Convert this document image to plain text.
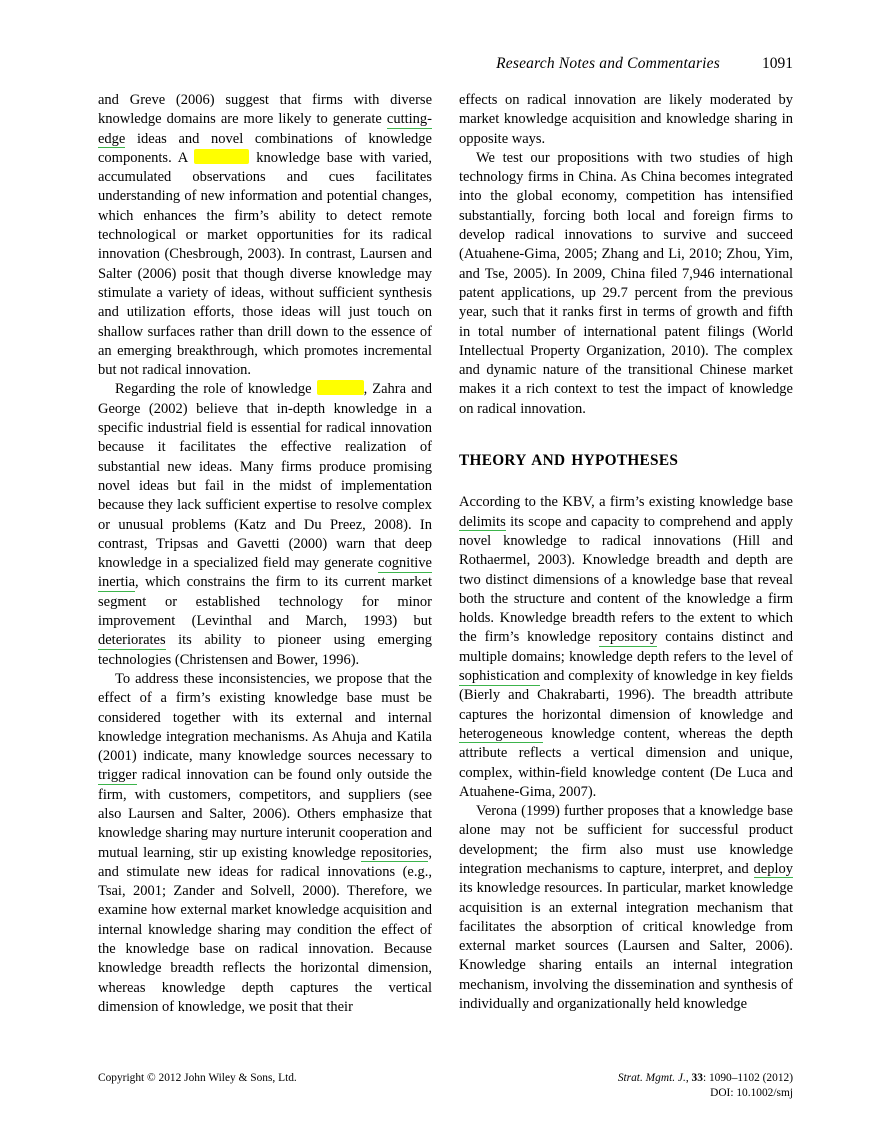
Research Notes and Commentaries	1091

and Greve (2006) suggest that firms with diverse knowledge domains are more likely to generate cutting-edge ideas and novel combinations of knowledge components. A	knowledge base with varied, accumulated observations and cues facilitates understanding of new information and potential changes, which enhances the firm’s ability to detect remote technological or market opportunities for its radical innovation (Chesbrough, 2003). In contrast, Laursen and Salter (2006) posit that though diverse knowledge may stimulate a variety of ideas, without sufficient synthesis and utilization efforts, those ideas will just touch on shallow surfaces rather than drill down to the essence of an emerging breakthrough, which promotes incremental but not radical innovation.

Regarding the role of knowledge	, Zahra and George (2002) believe that in-depth knowledge in a specific industrial field is essential for radical innovation because it facilitates the effective realization of substantial new ideas. Many firms produce promising novel ideas but fail in the midst of implementation because they lack sufficient expertise to resolve complex or unusual problems (Katz and Du Preez, 2008). In contrast, Tripsas and Gavetti (2000) warn that deep knowledge in a specialized field may generate cognitive inertia, which constrains the firm to its current market segment or established technology for minor improvement (Levinthal and March, 1993) but deteriorates its ability to pioneer using emerging technologies (Christensen and Bower, 1996).

To address these inconsistencies, we propose that the effect of a firm’s existing knowledge base must be considered together with its external and internal knowledge integration mechanisms. As Ahuja and Katila (2001) indicate, many knowledge sources necessary to trigger radical innovation can be found only outside the firm, with customers, competitors, and suppliers (see also Laursen and Salter, 2006). Others emphasize that knowledge sharing may nurture interunit cooperation and mutual learning, stir up existing knowledge repositories, and stimulate new ideas for radical innovations (e.g., Tsai, 2001; Zander and Solvell, 2000). Therefore, we examine how external market knowledge acquisition and internal knowledge sharing may condition the effect of the knowledge base on radical innovation. Because knowledge breadth reflects the horizontal dimension, whereas knowledge depth captures the vertical dimension of knowledge, we posit that their

effects on radical innovation are likely moderated by market knowledge acquisition and knowledge sharing in opposite ways.

We test our propositions with two studies of high technology firms in China. As China becomes integrated into the global economy, competition has intensified substantially, forcing both local and foreign firms to develop radical innovations to survive and succeed (Atuahene-Gima, 2005; Zhang and Li, 2010; Zhou, Yim, and Tse, 2005). In 2009, China filed 7,946 international patent applications, up 29.7 percent from the previous year, such that it ranks first in terms of growth and fifth in total number of international patent filings (World Intellectual Property Organization, 2010). The complex and dynamic nature of the transitional Chinese market makes it a rich context to test the impact of knowledge on radical innovation.

THEORY AND HYPOTHESES

According to the KBV, a firm’s existing knowledge base delimits its scope and capacity to comprehend and apply novel knowledge to radical innovations (Hill and Rothaermel, 2003). Knowledge breadth and depth are two distinct dimensions of a knowledge base that reveal both the structure and content of the knowledge a firm holds. Knowledge breadth refers to the extent to which the firm’s knowledge repository contains distinct and multiple domains; knowledge depth refers to the level of sophistication and complexity of knowledge in key fields (Bierly and Chakrabarti, 1996). The breadth attribute captures the horizontal dimension of knowledge and heterogeneous knowledge content, whereas the depth attribute reflects a vertical dimension and unique, complex, within-field knowledge content (De Luca and Atuahene-Gima, 2007).

Verona (1999) further proposes that a knowledge base alone may not be sufficient for successful product development; the firm also must use knowledge integration mechanisms to capture, interpret, and deploy its knowledge resources. In particular, market knowledge acquisition is an external integration mechanism that facilitates the absorption of critical knowledge from external market sources (Laursen and Salter, 2006). Knowledge sharing entails an internal integration mechanism, involving the dissemination and synthesis of individually and organizationally held knowledge

Copyright © 2012 John Wiley & Sons, Ltd.	Strat. Mgmt. J., 33: 1090–1102 (2012)
DOI: 10.1002/smj
